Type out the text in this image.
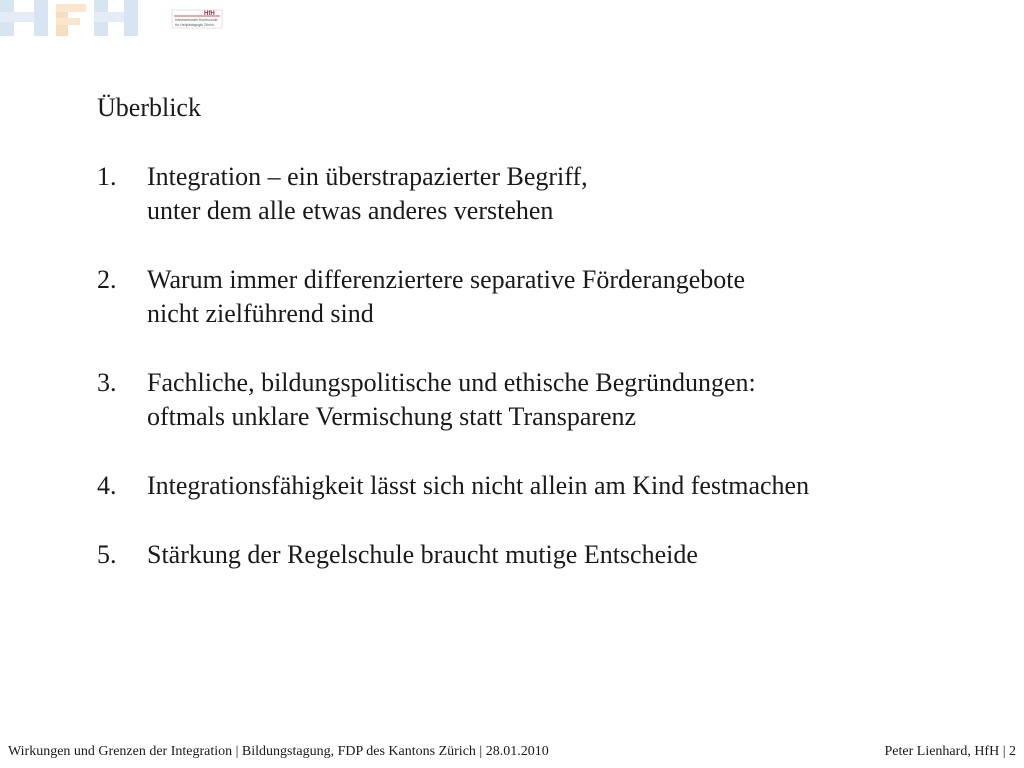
HfH
Interkantonale Hochschule
für Heilpädagogik Zürich
Überblick
1.	Integration – ein überstrapazierter Begriff,
unter dem alle etwas anderes verstehen
2.	Warum immer differenziertere separative Förderangebote
nicht zielführend sind
3.	Fachliche, bildungspolitische und ethische Begründungen:
oftmals unklare Vermischung statt Transparenz
4.	Integrationsfähigkeit lässt sich nicht allein am Kind festmachen
5.	Stärkung der Regelschule braucht mutige Entscheide
Wirkungen und Grenzen der Integration | Bildungstagung, FDP des Kantons Zürich | 28.01.2010	Peter Lienhard, HfH | 2
